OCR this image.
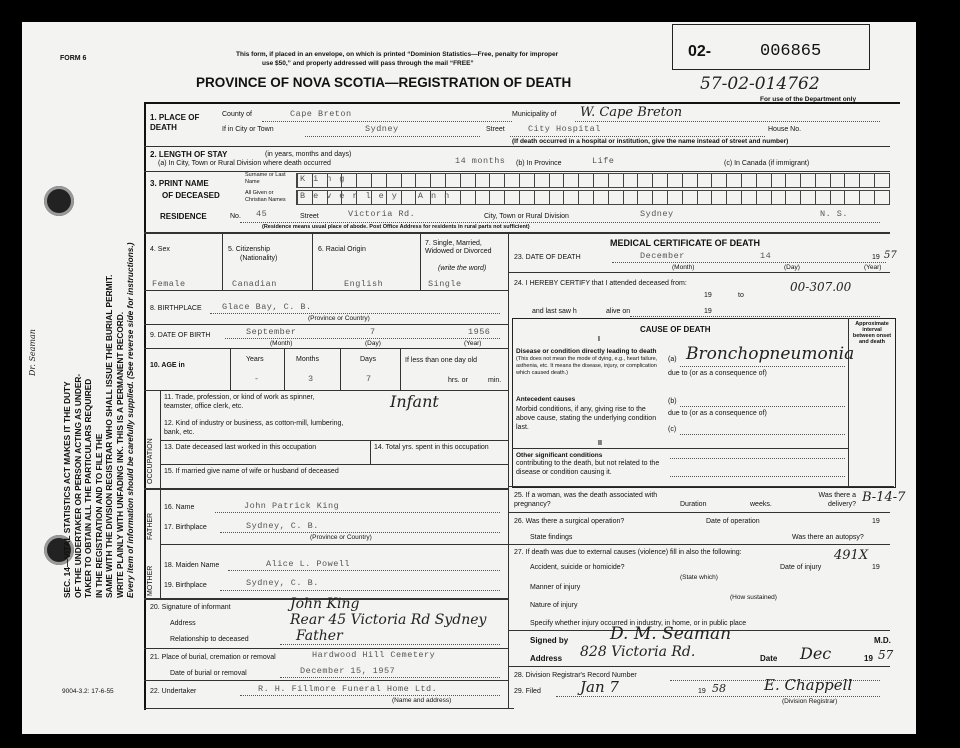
FORM 6
This form, if placed in an envelope, on which is printed “Dominion Statistics—Free, penalty for improper
use $50,” and properly addressed will pass through the mail “FREE”
PROVINCE OF NOVA SCOTIA—REGISTRATION OF DEATH
02-	006865
57-02-014762
For use of the Department only
SEC. 14—VITAL STATISTICS ACT MAKES IT THE DUTY OF THE UNDERTAKER OR PERSON ACTING AS UNDER- TAKER TO OBTAIN ALL THE PARTICULARS REQUIRED IN THE REGISTRATION AND TO FILE THE SAME WITH THE DIVISION REGISTRAR WHO SHALL ISSUE THE BURIAL PERMIT. WRITE PLAINLY WITH UNFADING INK. THIS IS A PERMANENT RECORD. Every item of information should be carefully supplied. (See reverse side for instructions.)
Dr. Seaman
9004-3.2: 17-6-55
1. PLACE OF DEATH
County of	Cape Breton	Municipality of W. Cape Breton
If in City or Town	Sydney	Street	City Hospital	House No.
(If death occurred in a hospital or institution, give the name instead of street and number)
2. LENGTH OF STAY	(in years, months and days)
(a) In City, Town or Rural Division where death occurred	14 months (b) In Province	Life	(c) In Canada (if immigrant)
3. PRINT NAME
OF DECEASED
Surname or Last Name
All Given or Christian Names
King
Beverley Ann
RESIDENCE	No. 45	Street	Victoria Rd.	City, Town or Rural Division	Sydney	N. S.
(Residence means usual place of abode. Post Office Address for residents in rural parts not sufficient)
4. Sex	5. Citizenship
(Nationality)
6. Racial Origin
7. Single, Married, Widowed or Divorced
(write the word)
Female	Canadian	English	Single
8. BIRTHPLACE Glace Bay, C. B.
(Province or Country)
9. DATE OF BIRTH	September	7	1956
(Month)	(Day)	(Year)
10. AGE in
Years	Months	Days
-	3	7
If less than one day old
hrs. or	min.
OCCUPATION
11. Trade, profession, or kind of work as spinner, teamster, office clerk, etc.	Infant
12. Kind of industry or business, as cotton-mill, lumbering, bank, etc.
13. Date deceased last worked in this occupation	14. Total yrs. spent in this occupation
15. If married give name of wife or husband of deceased
FATHER
MOTHER
16. Name	John Patrick King
17. Birthplace	Sydney, C. B.
(Province or Country)
18. Maiden Name	Alice L. Powell
19. Birthplace	Sydney, C. B.
20. Signature of informant	John King
Address	Rear 45 Victoria Rd Sydney
Relationship to deceased	Father
21. Place of burial, cremation or removal	Hardwood Hill Cemetery
Date of burial or removal	December 15, 1957
22. Undertaker	R. H. Fillmore Funeral Home Ltd.
(Name and address)
MEDICAL CERTIFICATE OF DEATH
23. DATE OF DEATH	December	14	19 57
(Month)	(Day)	(Year)
24. I HEREBY CERTIFY that I attended deceased from:
19	to
00-307.00
and last saw h	alive on	19
CAUSE OF DEATH
Approximate interval between onset and death
I
Disease or condition directly leading to death
(This does not mean the mode of dying, e.g., heart failure, asthenia, etc. It means the disease, injury, or complication which caused death.)
(a) Bronchopneumonia
due to (or as a consequence of)
Antecedent causes
Morbid conditions, if any, giving rise to the above cause, stating the underlying condition last.
(b)
due to (or as a consequence of)
(c)
II
Other significant conditions
contributing to the death, but not related to the disease or condition causing it.
25. If a woman, was the death associated with pregnancy?	Duration	weeks.
Was there a delivery? B-14-7
26. Was there a surgical operation?	Date of operation	19
State findings	Was there an autopsy?
27. If death was due to external causes (violence) fill in also the following:
Accident, suicide or homicide?
491X
(State which)
Date of injury	19
Manner of injury
(How sustained)
Nature of injury
Specify whether injury occurred in industry, in home, or in public place
Signed by D. M. Seaman	M.D.
Address 828 Victoria Rd.	Date Dec	19 57
28. Division Registrar's Record Number
29. Filed	Jan 7	19 58	E. Chappell
(Division Registrar)
